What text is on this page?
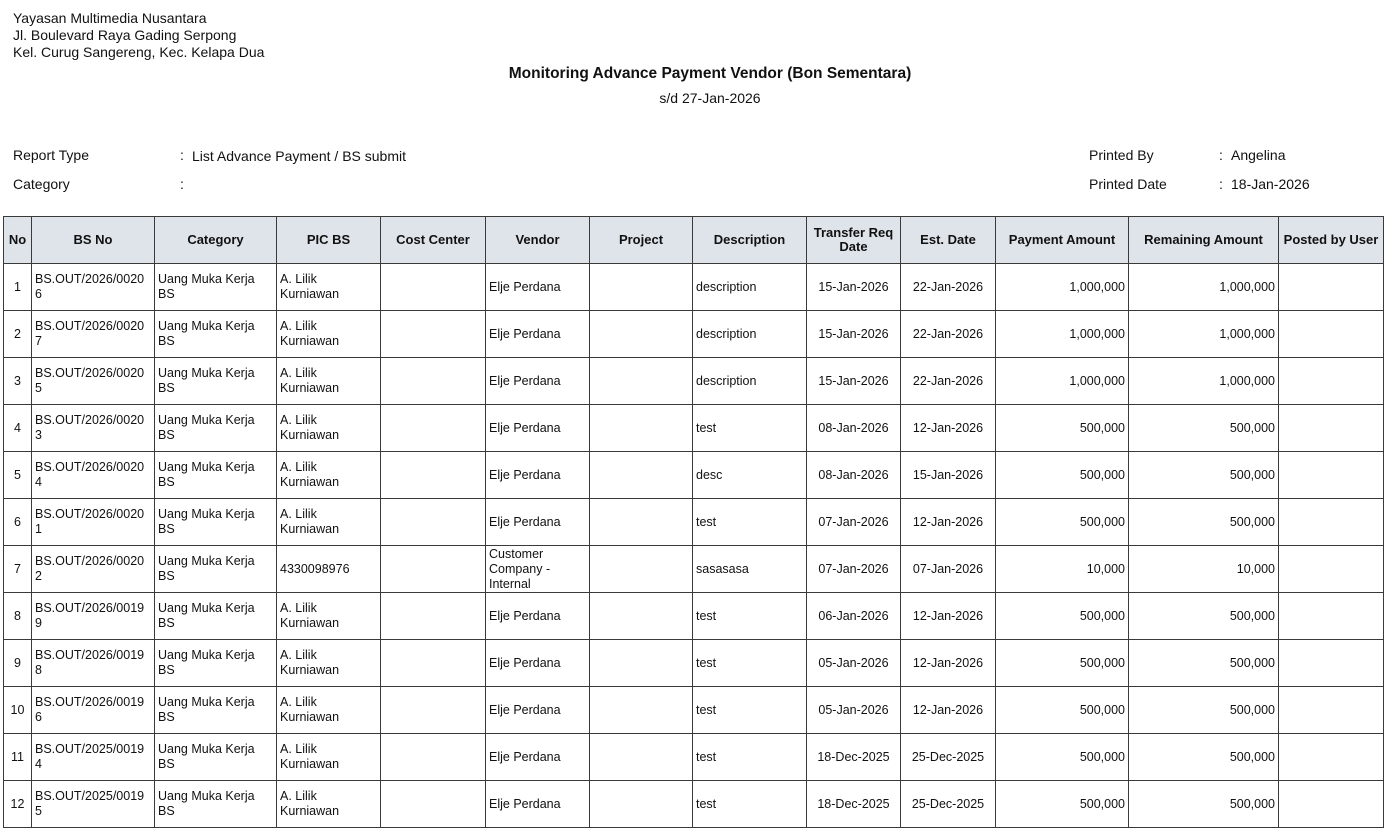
Yayasan Multimedia Nusantara
Jl. Boulevard Raya Gading Serpong
Kel. Curug Sangereng, Kec. Kelapa Dua
Monitoring Advance Payment Vendor (Bon Sementara)
s/d 27-Jan-2026
Report Type	: List Advance Payment / BS submit
Category	:
Printed By	: Angelina
Printed Date	: 18-Jan-2026
No	BS No	Category	PIC BS	Cost Center	Vendor	Project	Description	Transfer Req Date	Est. Date	Payment Amount	Remaining Amount	Posted by User
1	BS.OUT/2026/00206	Uang Muka Kerja BS	A. Lilik Kurniawan		Elje Perdana		description	15-Jan-2026	22-Jan-2026	1,000,000	1,000,000	
2	BS.OUT/2026/00207	Uang Muka Kerja BS	A. Lilik Kurniawan		Elje Perdana		description	15-Jan-2026	22-Jan-2026	1,000,000	1,000,000	
3	BS.OUT/2026/00205	Uang Muka Kerja BS	A. Lilik Kurniawan		Elje Perdana		description	15-Jan-2026	22-Jan-2026	1,000,000	1,000,000	
4	BS.OUT/2026/00203	Uang Muka Kerja BS	A. Lilik Kurniawan		Elje Perdana		test	08-Jan-2026	12-Jan-2026	500,000	500,000	
5	BS.OUT/2026/00204	Uang Muka Kerja BS	A. Lilik Kurniawan		Elje Perdana		desc	08-Jan-2026	15-Jan-2026	500,000	500,000	
6	BS.OUT/2026/00201	Uang Muka Kerja BS	A. Lilik Kurniawan		Elje Perdana		test	07-Jan-2026	12-Jan-2026	500,000	500,000	
7	BS.OUT/2026/00202	Uang Muka Kerja BS	4330098976		Customer Company - Internal		sasasasa	07-Jan-2026	07-Jan-2026	10,000	10,000	
8	BS.OUT/2026/00199	Uang Muka Kerja BS	A. Lilik Kurniawan		Elje Perdana		test	06-Jan-2026	12-Jan-2026	500,000	500,000	
9	BS.OUT/2026/00198	Uang Muka Kerja BS	A. Lilik Kurniawan		Elje Perdana		test	05-Jan-2026	12-Jan-2026	500,000	500,000	
10	BS.OUT/2026/00196	Uang Muka Kerja BS	A. Lilik Kurniawan		Elje Perdana		test	05-Jan-2026	12-Jan-2026	500,000	500,000	
11	BS.OUT/2025/00194	Uang Muka Kerja BS	A. Lilik Kurniawan		Elje Perdana		test	18-Dec-2025	25-Dec-2025	500,000	500,000	
12	BS.OUT/2025/00195	Uang Muka Kerja BS	A. Lilik Kurniawan		Elje Perdana		test	18-Dec-2025	25-Dec-2025	500,000	500,000	
